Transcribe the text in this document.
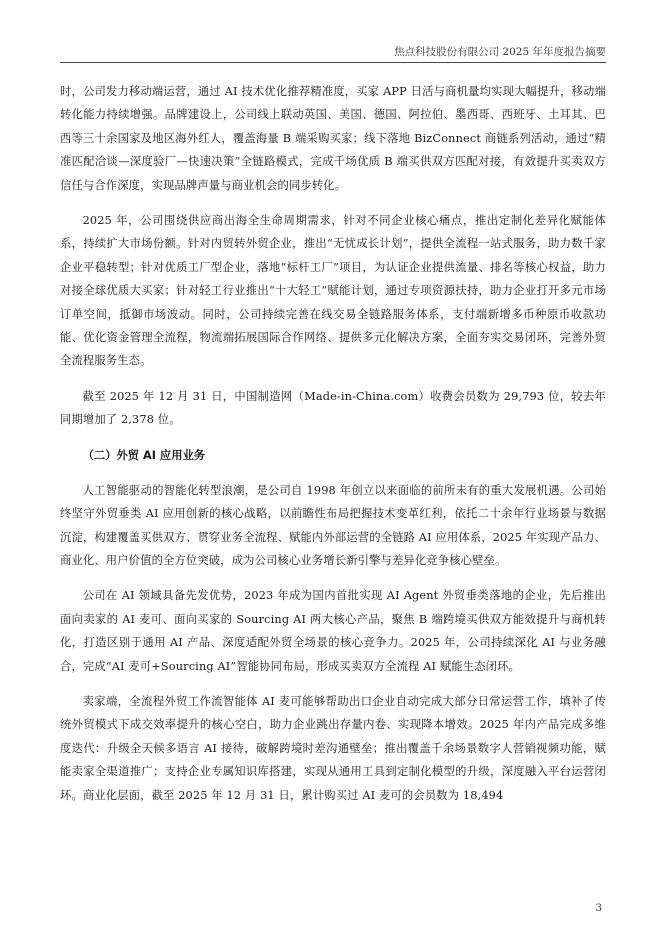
焦点科技股份有限公司 2025 年年度报告摘要

时，公司发力移动端运营，通过 AI 技术优化推荐精准度，买家 APP 日活与商机量均实现大幅提升，移动端转化能力持续增强。品牌建设上，公司线上联动英国、美国、德国、阿拉伯、墨西哥、西班牙、土耳其、巴西等三十余国家及地区海外红人，覆盖海量 B 端采购买家；线下落地 BizConnect 商链系列活动，通过“精准匹配洽谈—深度验厂—快速决策”全链路模式，完成千场优质 B 端买供双方匹配对接，有效提升买卖双方信任与合作深度，实现品牌声量与商业机会的同步转化。

2025 年，公司围绕供应商出海全生命周期需求，针对不同企业核心痛点，推出定制化差异化赋能体系，持续扩大市场份额。针对内贸转外贸企业，推出“无忧成长计划”，提供全流程一站式服务，助力数千家企业平稳转型；针对优质工厂型企业，落地“标杆工厂”项目，为认证企业提供流量、排名等核心权益，助力对接全球优质大买家；针对轻工行业推出“十大轻工”赋能计划，通过专项资源扶持，助力企业打开多元市场订单空间，抵御市场波动。同时，公司持续完善在线交易全链路服务体系，支付端新增多币种原币收款功能、优化资金管理全流程，物流端拓展国际合作网络、提供多元化解决方案，全面夯实交易闭环，完善外贸全流程服务生态。

截至 2025 年 12 月 31 日，中国制造网（Made-in-China.com）收费会员数为 29,793 位，较去年同期增加了 2,378 位。

（二）外贸 AI 应用业务

人工智能驱动的智能化转型浪潮，是公司自 1998 年创立以来面临的前所未有的重大发展机遇。公司始终坚守外贸垂类 AI 应用创新的核心战略，以前瞻性布局把握技术变革红利，依托二十余年行业场景与数据沉淀，构建覆盖买供双方、贯穿业务全流程、赋能内外部运营的全链路 AI 应用体系，2025 年实现产品力、商业化、用户价值的全方位突破，成为公司核心业务增长新引擎与差异化竞争核心壁垒。

公司在 AI 领域具备先发优势，2023 年成为国内首批实现 AI Agent 外贸垂类落地的企业，先后推出面向卖家的 AI 麦可、面向买家的 Sourcing AI 两大核心产品，聚焦 B 端跨境买供双方能效提升与商机转化，打造区别于通用 AI 产品、深度适配外贸全场景的核心竞争力。2025 年，公司持续深化 AI 与业务融合，完成“AI 麦可+Sourcing AI”智能协同布局，形成买卖双方全流程 AI 赋能生态闭环。

卖家端，全流程外贸工作流智能体 AI 麦可能够帮助出口企业自动完成大部分日常运营工作，填补了传统外贸模式下成交效率提升的核心空白，助力企业跳出存量内卷、实现降本增效。2025 年内产品完成多维度迭代：升级全天候多语言 AI 接待，破解跨境时差沟通壁垒；推出覆盖千余场景数字人营销视频功能，赋能卖家全渠道推广；支持企业专属知识库搭建，实现从通用工具到定制化模型的升级，深度融入平台运营闭环。商业化层面，截至 2025 年 12 月 31 日，累计购买过 AI 麦可的会员数为 18,494

3
